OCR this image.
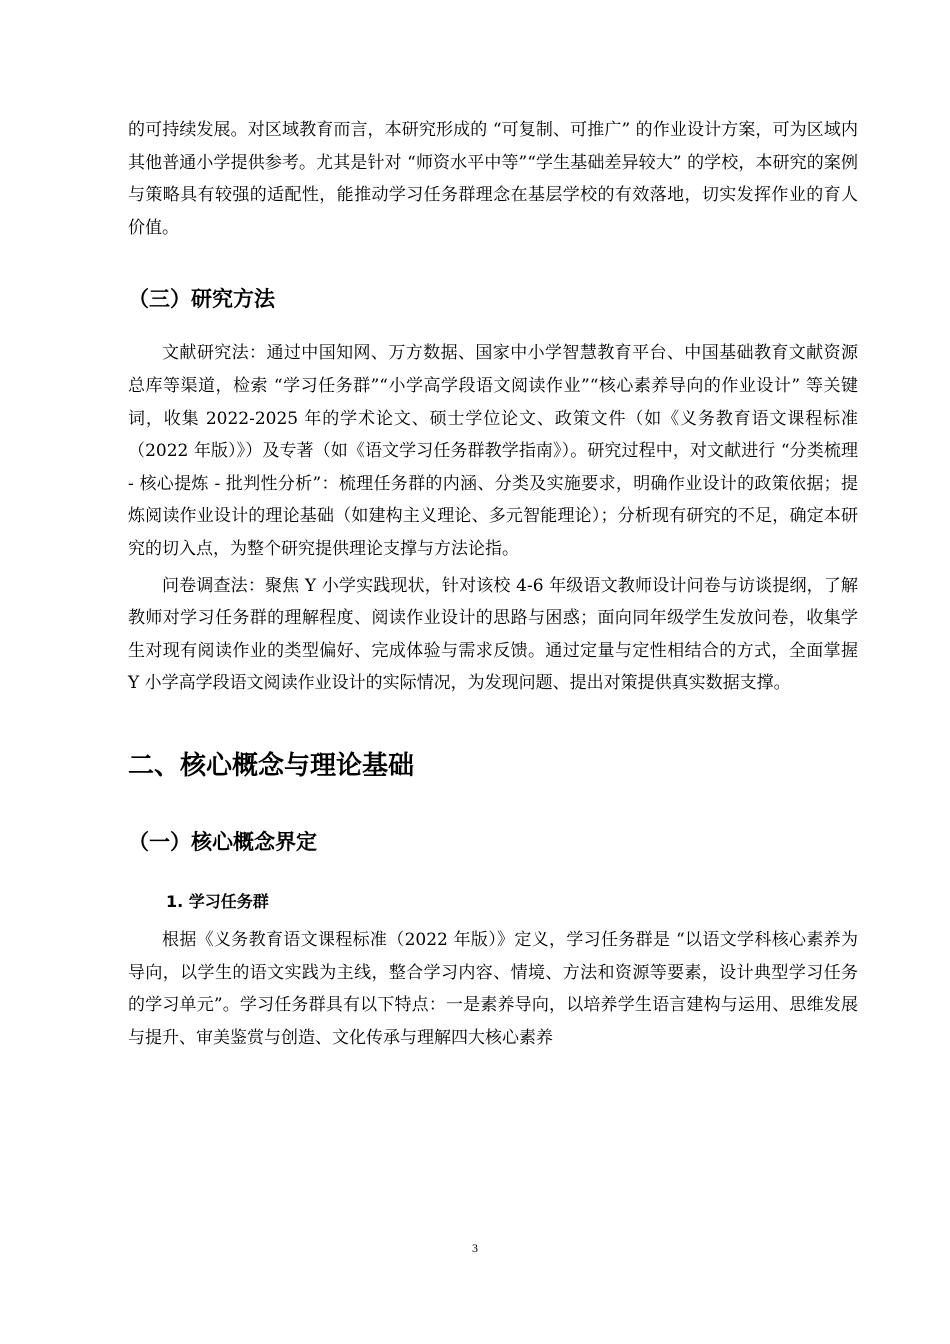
的可持续发展。对区域教育而言，本研究形成的 “可复制、可推广” 的作业设计方案，可为区域内其他普通小学提供参考。尤其是针对 “师资水平中等”“学生基础差异较大” 的学校，本研究的案例与策略具有较强的适配性，能推动学习任务群理念在基层学校的有效落地，切实发挥作业的育人价值。

（三）研究方法

文献研究法：通过中国知网、万方数据、国家中小学智慧教育平台、中国基础教育文献资源总库等渠道，检索 “学习任务群”“小学高学段语文阅读作业”“核心素养导向的作业设计” 等关键词，收集 2022-2025 年的学术论文、硕士学位论文、政策文件（如《义务教育语文课程标准（2022 年版）》）及专著（如《语文学习任务群教学指南》）。研究过程中，对文献进行 “分类梳理 - 核心提炼 - 批判性分析”：梳理任务群的内涵、分类及实施要求，明确作业设计的政策依据；提炼阅读作业设计的理论基础（如建构主义理论、多元智能理论）；分析现有研究的不足，确定本研究的切入点，为整个研究提供理论支撑与方法论指。

问卷调查法：聚焦 Y 小学实践现状，针对该校 4-6 年级语文教师设计问卷与访谈提纲，了解教师对学习任务群的理解程度、阅读作业设计的思路与困惑；面向同年级学生发放问卷，收集学生对现有阅读作业的类型偏好、完成体验与需求反馈。通过定量与定性相结合的方式，全面掌握 Y 小学高学段语文阅读作业设计的实际情况，为发现问题、提出对策提供真实数据支撑。

二、核心概念与理论基础
（一）核心概念界定
1. 学习任务群

根据《义务教育语文课程标准（2022 年版）》定义，学习任务群是 “以语文学科核心素养为导向，以学生的语文实践为主线，整合学习内容、情境、方法和资源等要素，设计典型学习任务的学习单元”。学习任务群具有以下特点：一是素养导向，以培养学生语言建构与运用、思维发展与提升、审美鉴赏与创造、文化传承与理解四大核心素养

3
